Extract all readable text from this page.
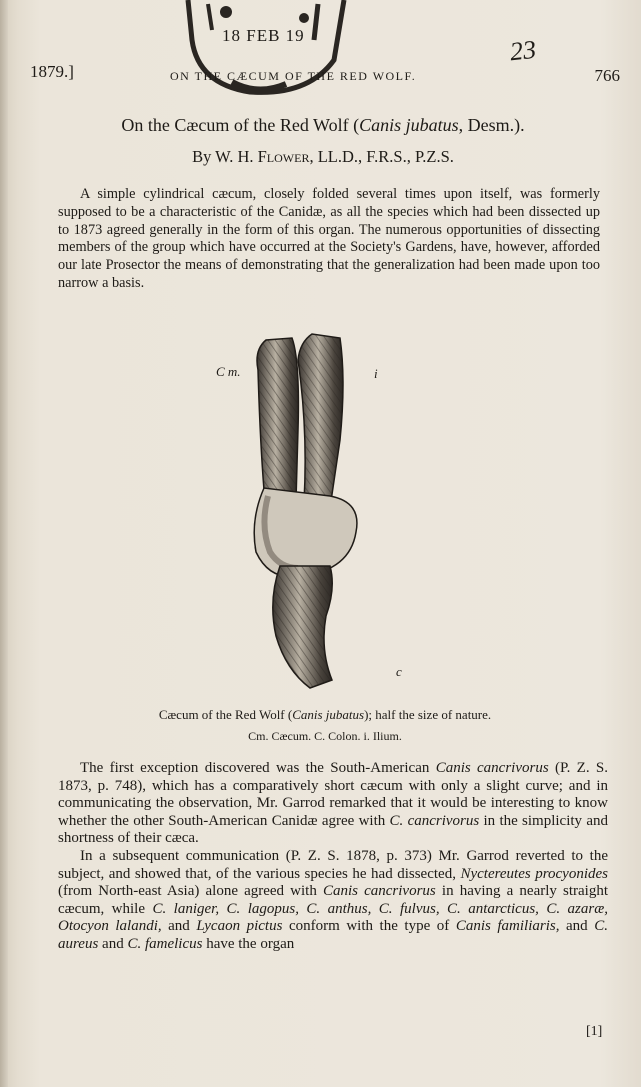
18 FEB 19	23
1879.]	ON THE CÆCUM OF THE RED WOLF.	766
On the Cæcum of the Red Wolf (Canis jubatus, Desm.).
By W. H. Flower, LL.D., F.R.S., P.Z.S.
A simple cylindrical cæcum, closely folded several times upon itself, was formerly supposed to be a characteristic of the Canidæ, as all the species which had been dissected up to 1873 agreed generally in the form of this organ. The numerous opportunities of dissecting members of the group which have occurred at the Society's Gardens, have, however, afforded our late Prosector the means of demonstrating that the generalization had been made upon too narrow a basis.
C m.	i
c
Cæcum of the Red Wolf (Canis jubatus); half the size of nature.
Cm. Cæcum. C. Colon. i. Ilium.

The first exception discovered was the South-American Canis cancrivorus (P. Z. S. 1873, p. 748), which has a comparatively short cæcum with only a slight curve; and in communicating the observation, Mr. Garrod remarked that it would be interesting to know whether the other South-American Canidæ agree with C. cancrivorus in the simplicity and shortness of their cæca.

In a subsequent communication (P. Z. S. 1878, p. 373) Mr. Garrod reverted to the subject, and showed that, of the various species he had dissected, Nyctereutes procyonides (from North-east Asia) alone agreed with Canis cancrivorus in having a nearly straight cæcum, while C. laniger, C. lagopus, C. anthus, C. fulvus, C. antarcticus, C. azaræ, Otocyon lalandi, and Lycaon pictus conform with the type of Canis familiaris, and C. aureus and C. famelicus have the organ

[1]
